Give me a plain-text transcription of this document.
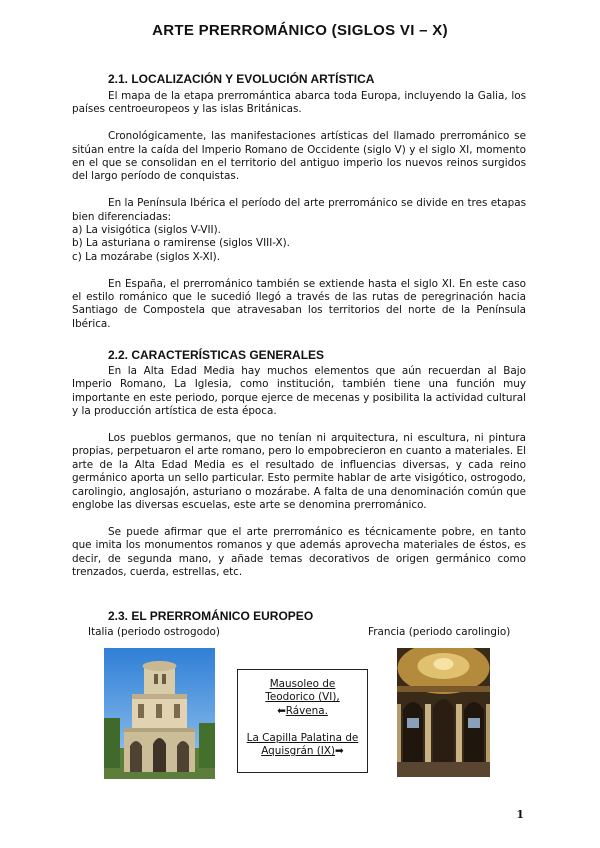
ARTE PRERROMÁNICO (SIGLOS VI – X)
2.1. LOCALIZACIÓN Y EVOLUCIÓN ARTÍSTICA

El mapa de la etapa prerromántica abarca toda Europa, incluyendo la Galia, los países centroeuropeos y las islas Británicas.

Cronológicamente, las manifestaciones artísticas del llamado prerrománico se sitúan entre la caída del Imperio Romano de Occidente (siglo V) y el siglo XI, momento en el que se consolidan en el territorio del antiguo imperio los nuevos reinos surgidos del largo período de conquistas.

En la Península Ibérica el período del arte prerrománico se divide en tres etapas bien diferenciadas:

a) La visigótica (siglos V-VII).
b) La asturiana o ramirense (siglos VIII-X).
c) La mozárabe (siglos X-XI).

En España, el prerrománico también se extiende hasta el siglo XI. En este caso el estilo románico que le sucedió llegó a través de las rutas de peregrinación hacia Santiago de Compostela que atravesaban los territorios del norte de la Península Ibérica.

2.2. CARACTERÍSTICAS GENERALES

En la Alta Edad Media hay muchos elementos que aún recuerdan al Bajo Imperio Romano, La Iglesia, como institución, también tiene una función muy importante en este periodo, porque ejerce de mecenas y posibilita la actividad cultural y la producción artística de esta época.

Los pueblos germanos, que no tenían ni arquitectura, ni escultura, ni pintura propias, perpetuaron el arte romano, pero lo empobrecieron en cuanto a materiales. El arte de la Alta Edad Media es el resultado de influencias diversas, y cada reino germánico aporta un sello particular. Esto permite hablar de arte visigótico, ostrogodo, carolingio, anglosajón, asturiano o mozárabe. A falta de una denominación común que englobe las diversas escuelas, este arte se denomina prerrománico.

Se puede afirmar que el arte prerrománico es técnicamente pobre, en tanto que imita los monumentos romanos y que además aprovecha materiales de éstos, es decir, de segunda mano, y añade temas decorativos de origen germánico como trenzados, cuerda, estrellas, etc.

2.3. EL PRERROMÁNICO EUROPEO
Italia (periodo ostrogodo)	Francia (periodo carolingio)
Mausoleo de
Teodorico (VI),
⬅Rávena.
La Capilla Palatina de
Aquisgrán (IX)➡
1
